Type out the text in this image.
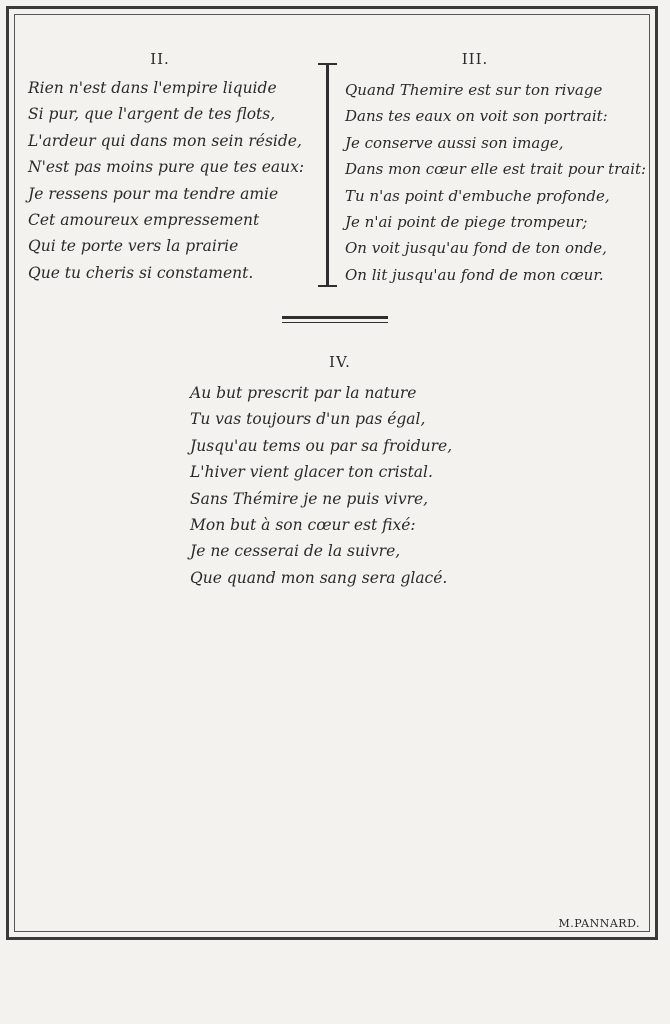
II.
Rien n'est dans l'empire liquide
Si pur, que l'argent de tes flots,
L'ardeur qui dans mon sein réside,
N'est pas moins pure que tes eaux:
Je ressens pour ma tendre amie
Cet amoureux empressement
Qui te porte vers la prairie
Que tu cheris si constament.
III.
Quand Themire est sur ton rivage
Dans tes eaux on voit son portrait:
Je conserve aussi son image,
Dans mon cœur elle est trait pour trait:
Tu n'as point d'embuche profonde,
Je n'ai point de piege trompeur;
On voit jusqu'au fond de ton onde,
On lit jusqu'au fond de mon cœur.
IV.
Au but prescrit par la nature
Tu vas toujours d'un pas égal,
Jusqu'au tems ou par sa froidure,
L'hiver vient glacer ton cristal.
Sans Thémire je ne puis vivre,
Mon but à son cœur est fixé:
Je ne cesserai de la suivre,
Que quand mon sang sera glacé.
M.PANNARD.
